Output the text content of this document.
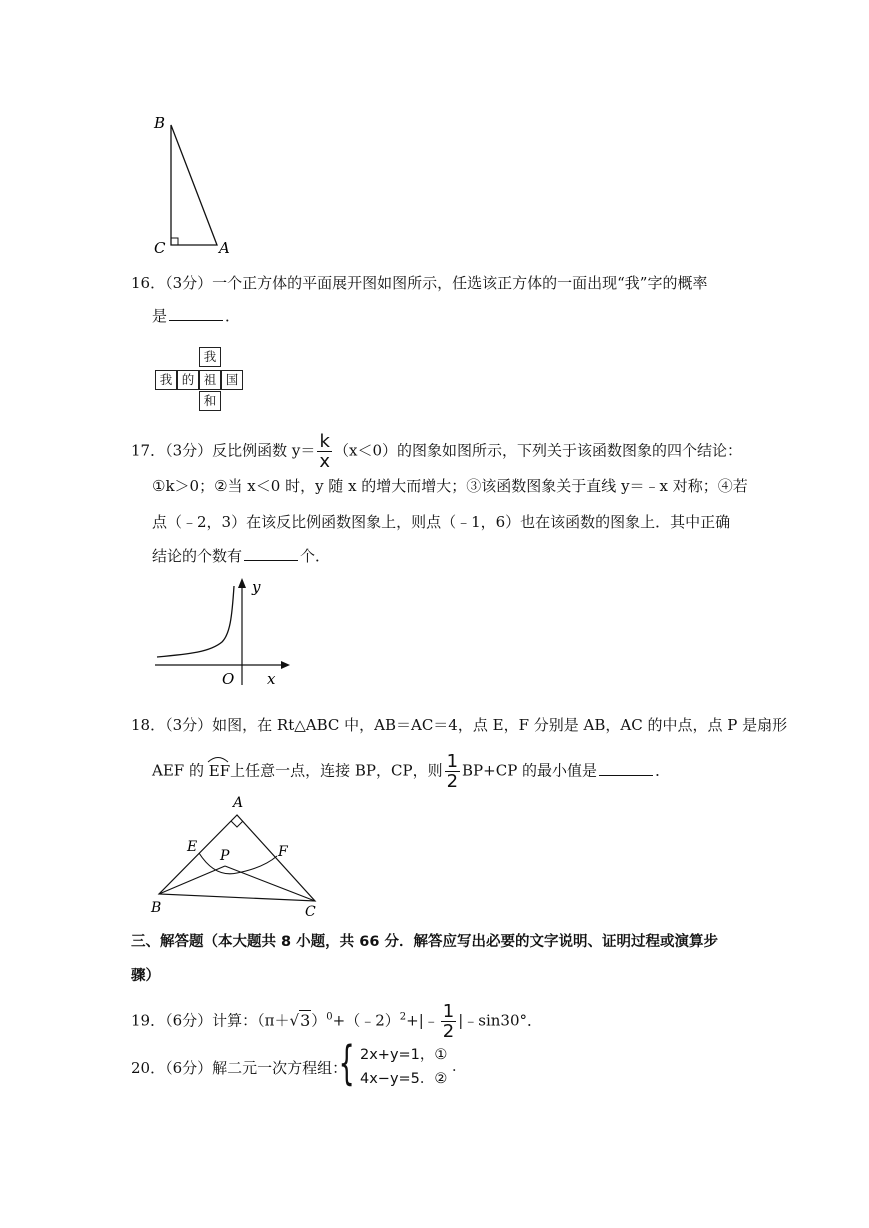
B
C	A
16．（3分）一个正方体的平面展开图如图所示，任选该正方体的一面出现“我”字的概率
是	．
我
我 的 祖 国
和
17．（3分）反比例函数 $y= \frac{k}{x} (x<0)$的图象如图所示，下列关于该函数图象的四个结论：
①k＞0；②当 x＜0 时，y 随 x 的增大而增大；③该函数图象关于直线 y＝﹣x 对称；④若
点（﹣2，3）在该反比例函数图象上，则点（﹣1，6）也在该函数的图象上．其中正确
结论的个数有	个．
y
O x
18．（3分）如图，在 Rt△ABC 中，AB＝AC＝4，点 E，F 分别是 AB，AC 的中点，点 P 是扇形
AEF 的 EF上任意一点，连接 BP，CP，则 $\frac{1}{2} BP+CP$ 的最小值是	．
A
E
P	F
B	C
三、解答题（本大题共 8 小题，共 66 分．解答应写出必要的文字说明、证明过程或演算步
骤）
19．（6分）计算：$(\pi+√3)^0+(﹣2)^2+|﹣ \frac{1}{2}$ |﹣sin30°．
20．（6分）解二元一次方程组：
{ 2x+y=1，①
4x−y=5．②
．
